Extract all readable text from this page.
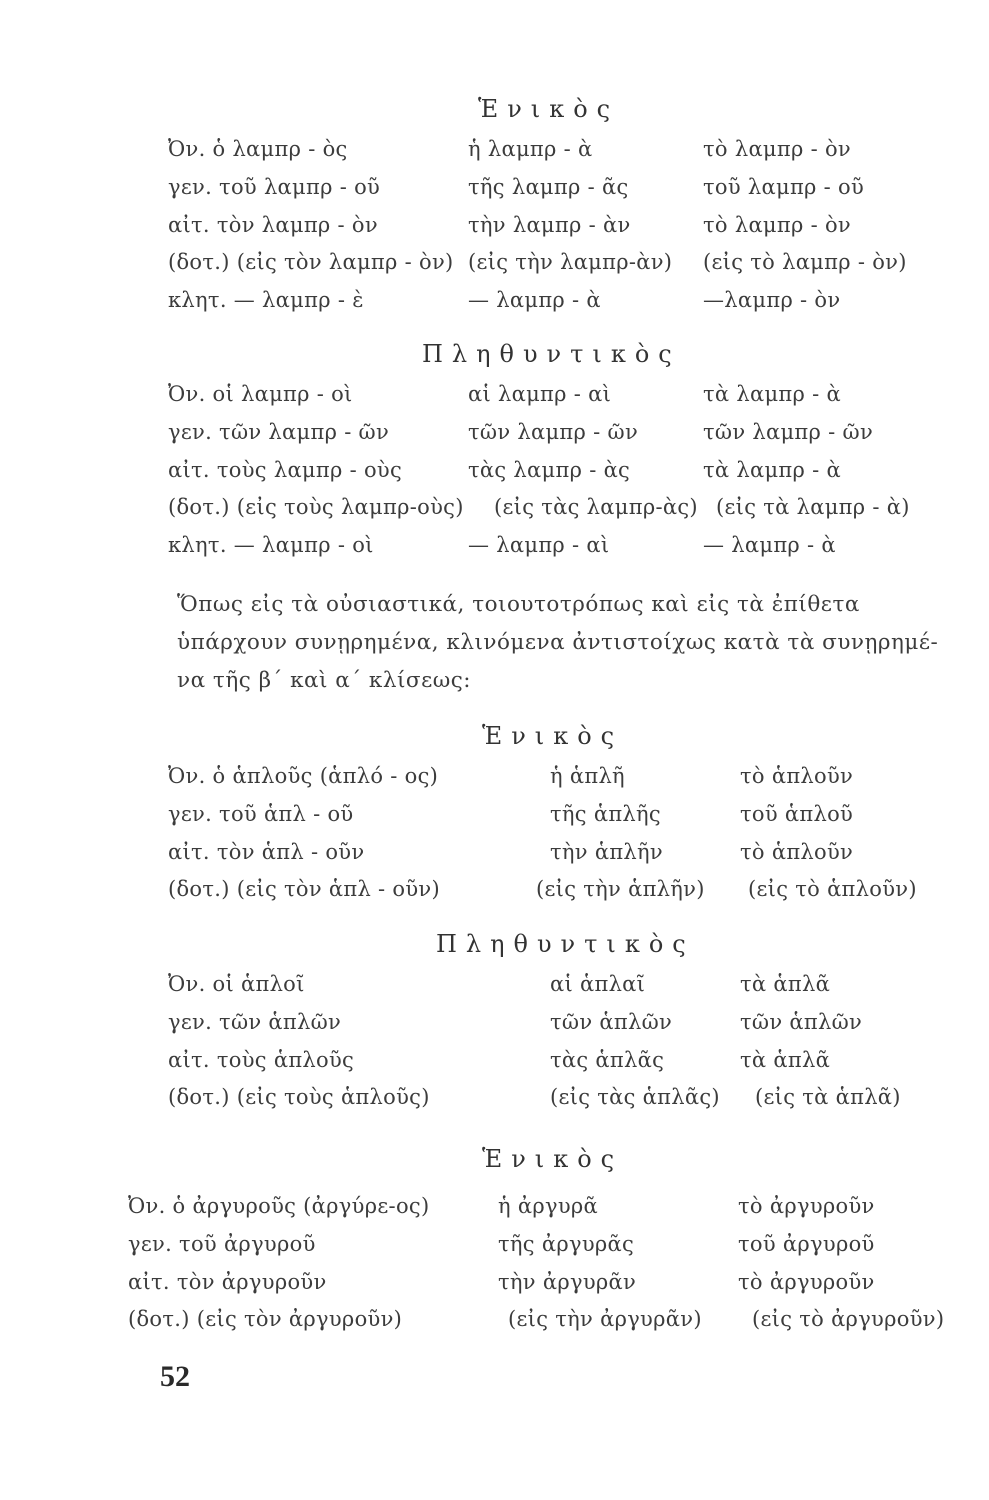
Ἑνικὸς
Ὀν. ὁ λαμπρ - ὸς	ἡ λαμπρ - ὰ	τὸ λαμπρ - ὸν
γεν. τοῦ λαμπρ - οῦ	τῆς λαμπρ - ᾶς	τοῦ λαμπρ - οῦ
αἰτ. τὸν λαμπρ - ὸν	τὴν λαμπρ - ὰν	τὸ λαμπρ - ὸν
(δοτ.) (εἰς τὸν λαμπρ - ὸν) (εἰς τὴν λαμπρ-ὰν) (εἰς τὸ λαμπρ - ὸν)
κλητ. — λαμπρ - ὲ	— λαμπρ - ὰ	—λαμπρ - ὸν
Πληθυντικὸς
Ὀν. οἱ λαμπρ - οὶ	αἱ λαμπρ - αὶ	τὰ λαμπρ - ὰ
γεν. τῶν λαμπρ - ῶν	τῶν λαμπρ - ῶν	τῶν λαμπρ - ῶν
αἰτ. τοὺς λαμπρ - οὺς	τὰς λαμπρ - ὰς	τὰ λαμπρ - ὰ
(δοτ.) (εἰς τοὺς λαμπρ-οὺς) (εἰς τὰς λαμπρ-ὰς) (εἰς τὰ λαμπρ - ὰ)
κλητ. — λαμπρ - οὶ	— λαμπρ - αὶ	— λαμπρ - ὰ
Ὅπως εἰς τὰ οὐσιαστικά, τοιουτοτρόπως καὶ εἰς τὰ ἐπίθετα
ὑπάρχουν συνῃρημένα, κλινόμενα ἀντιστοίχως κατὰ τὰ συνῃρημέ-
να τῆς β΄ καὶ α΄ κλίσεως:
Ἑνικὸς
Ὀν. ὁ ἁπλοῦς (ἁπλό - ος)	ἡ ἁπλῆ	τὸ ἁπλοῦν
γεν. τοῦ ἁπλ - οῦ	τῆς ἁπλῆς	τοῦ ἁπλοῦ
αἰτ. τὸν ἁπλ - οῦν	τὴν ἁπλῆν	τὸ ἁπλοῦν
(δοτ.) (εἰς τὸν ἁπλ - οῦν)	(εἰς τὴν ἁπλῆν) (εἰς τὸ ἁπλοῦν)
Πληθυντικὸς
Ὀν. οἱ ἁπλοῖ	αἱ ἁπλαῖ	τὰ ἁπλᾶ
γεν. τῶν ἁπλῶν	τῶν ἁπλῶν	τῶν ἁπλῶν
αἰτ. τοὺς ἁπλοῦς	τὰς ἁπλᾶς	τὰ ἁπλᾶ
(δοτ.) (εἰς τοὺς ἁπλοῦς)	(εἰς τὰς ἁπλᾶς) (εἰς τὰ ἁπλᾶ)
Ἑνικὸς
Ὀν. ὁ ἀργυροῦς (ἀργύρε-ος)	ἡ ἀργυρᾶ	τὸ ἀργυροῦν
γεν. τοῦ ἀργυροῦ	τῆς ἀργυρᾶς	τοῦ ἀργυροῦ
αἰτ. τὸν ἀργυροῦν	τὴν ἀργυρᾶν	τὸ ἀργυροῦν
(δοτ.) (εἰς τὸν ἀργυροῦν)	(εἰς τὴν ἀργυρᾶν) (εἰς τὸ ἀργυροῦν)
52
